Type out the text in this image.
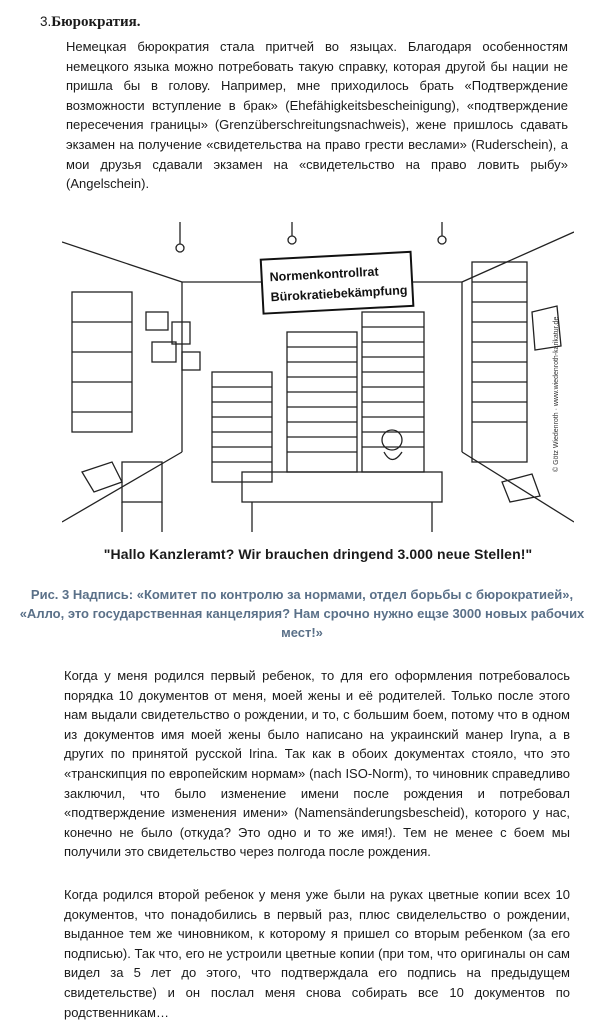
3.Бюрократия.
Немецкая бюрократия стала притчей во языцах. Благодаря особенностям немецкого языка можно потребовать такую справку, которая другой бы нации не пришла бы в голову. Например, мне приходилось брать «Подтверждение возможности вступление в брак» (Ehefähigkeitsbescheinigung), «подтверждение пересечения границы» (Grenzüberschreitungsnachweis), жене пришлось сдавать экзамен на получение «свидетельства на право грести веслами» (Ruderschein), а мои друзья сдавали экзамен на «свидетельство на право ловить рыбу» (Angelschein).
Normenkontrollrat
Bürokratiebekämpfung
© Götz Wiedenroth · www.wiedenroth-karikatur.de
"Hallo Kanzleramt? Wir brauchen dringend 3.000 neue Stellen!"
Рис. 3 Надпись: «Комитет по контролю за нормами, отдел борьбы с бюрократией», «Алло, это государственная канцелярия? Нам срочно нужно ещзе 3000 новых рабочих мест!»
Когда у меня родился первый ребенок, то для его оформления потребовалось порядка 10 документов от меня, моей жены и её родителей. Только после этого нам выдали свидетельство о рождении, и то, с большим боем, потому что в одном из документов имя моей жены было написано на украинский манер Iryna, а в других по принятой русской Irina. Так как в обоих документах стояло, что это «транскипция по европейским нормам» (nach ISO-Norm), то чиновник справедливо заключил, что было изменение имени после рождения и потребовал «подтверждение изменения имени» (Namensänderungsbescheid), которого у нас, конечно не было (откуда? Это одно и то же имя!). Тем не менее с боем мы получили это свидетельство через полгода после рождения.
Когда родился второй ребенок у меня уже были на руках цветные копии всех 10 документов, что понадобились в первый раз, плюс свиделельство о рождении, выданное тем же чиновником, к которому я пришел со вторым ребенком (за его подписью). Так что, его не устроили цветные копии (при том, что оригиналы он сам видел за 5 лет до этого, что подтверждала его подпись на предыдущем свидетельстве) и он послал меня снова собирать все 10 документов по родственникам…
